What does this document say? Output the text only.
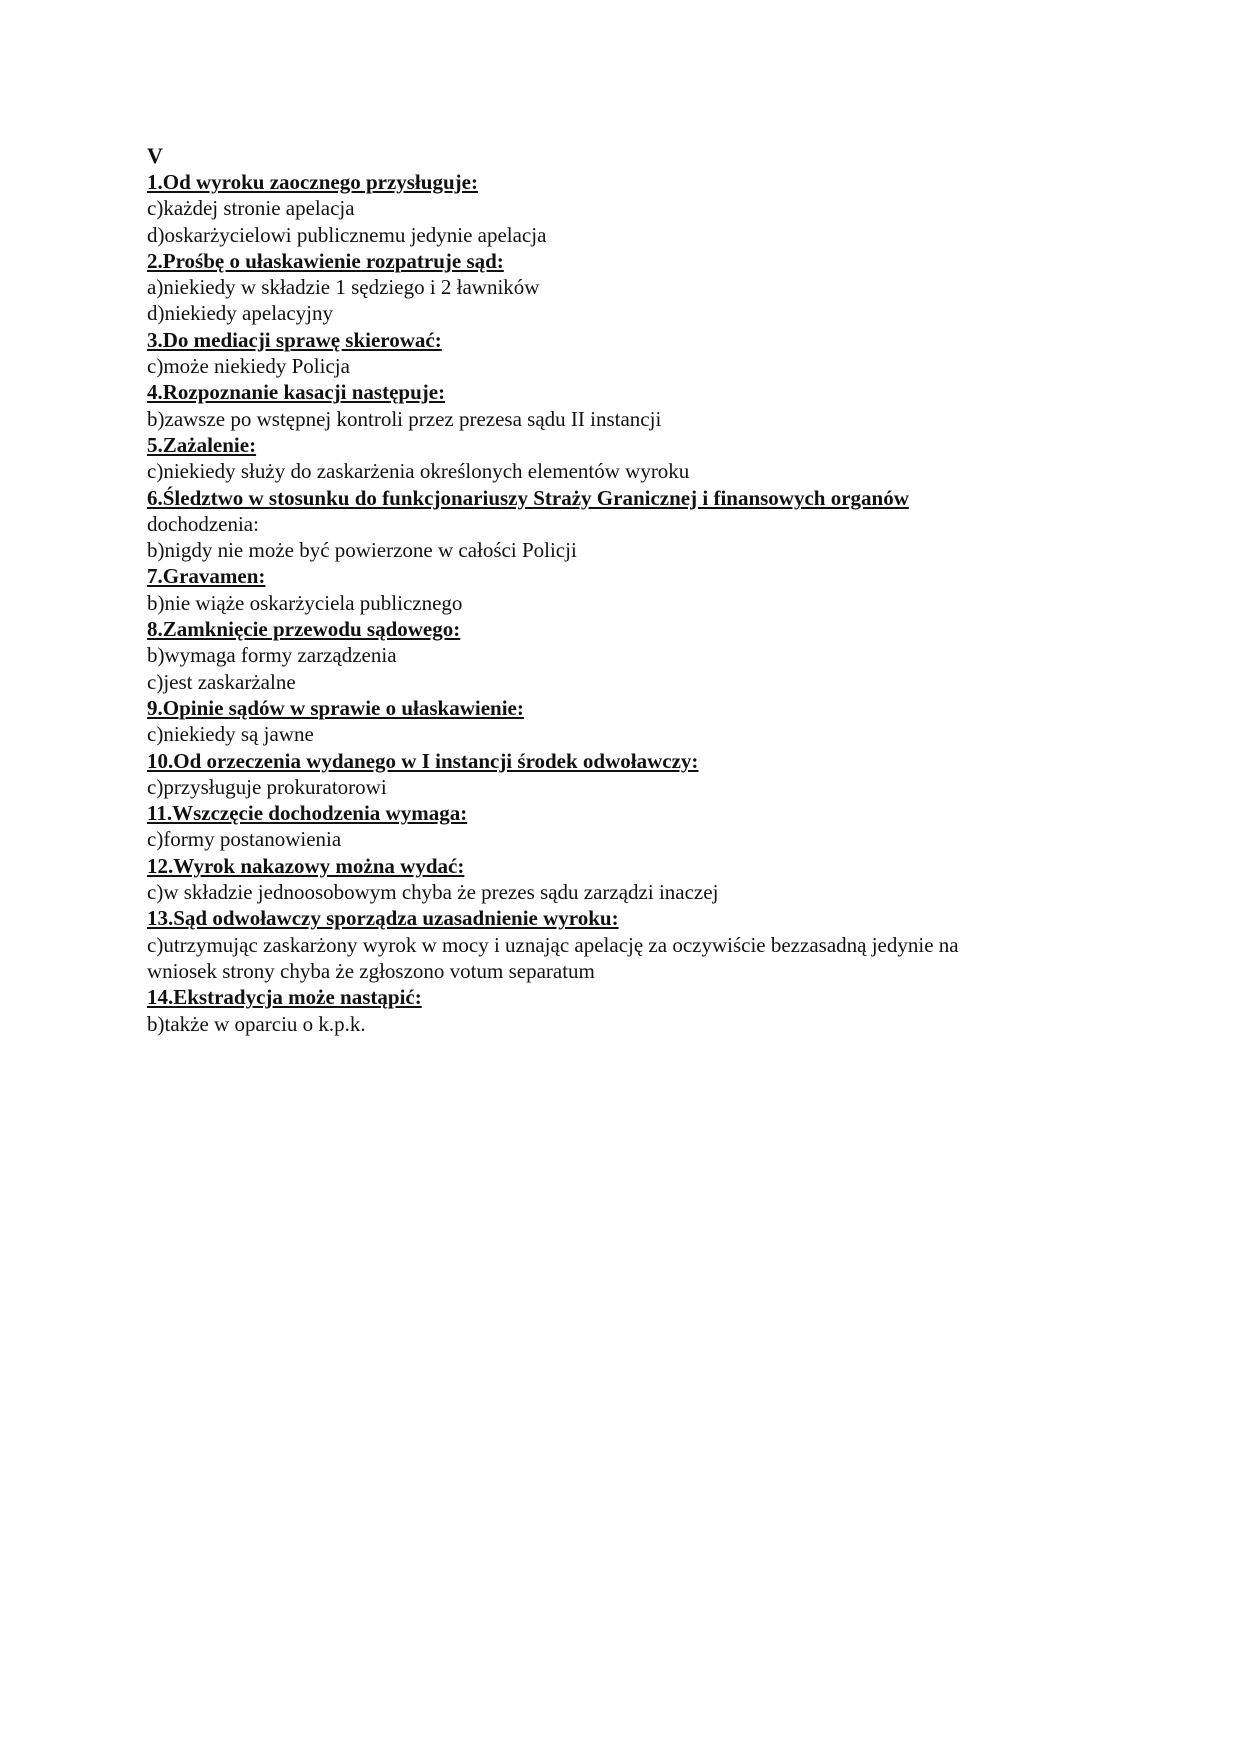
V

1.Od wyroku zaocznego przysługuje:

c)każdej stronie apelacja

d)oskarżycielowi publicznemu jedynie apelacja

2.Prośbę o ułaskawienie rozpatruje sąd:

a)niekiedy w składzie 1 sędziego i 2 ławników

d)niekiedy apelacyjny

3.Do mediacji sprawę skierować:

c)może niekiedy Policja

4.Rozpoznanie kasacji następuje:

b)zawsze po wstępnej kontroli przez prezesa sądu II instancji

5.Zażalenie:

c)niekiedy służy do zaskarżenia określonych elementów wyroku

6.Śledztwo w stosunku do funkcjonariuszy Straży Granicznej i finansowych organów

dochodzenia:

b)nigdy nie może być powierzone w całości Policji

7.Gravamen:

b)nie wiąże oskarżyciela publicznego

8.Zamknięcie przewodu sądowego:

b)wymaga formy zarządzenia

c)jest zaskarżalne

9.Opinie sądów w sprawie o ułaskawienie:

c)niekiedy są jawne

10.Od orzeczenia wydanego w I instancji środek odwoławczy:

c)przysługuje prokuratorowi

11.Wszczęcie dochodzenia wymaga:

c)formy postanowienia

12.Wyrok nakazowy można wydać:

c)w składzie jednoosobowym chyba że prezes sądu zarządzi inaczej

13.Sąd odwoławczy sporządza uzasadnienie wyroku:

c)utrzymując zaskarżony wyrok w mocy i uznając apelację za oczywiście bezzasadną jedynie na

wniosek strony chyba że zgłoszono votum separatum

14.Ekstradycja może nastąpić:

b)także w oparciu o k.p.k.
